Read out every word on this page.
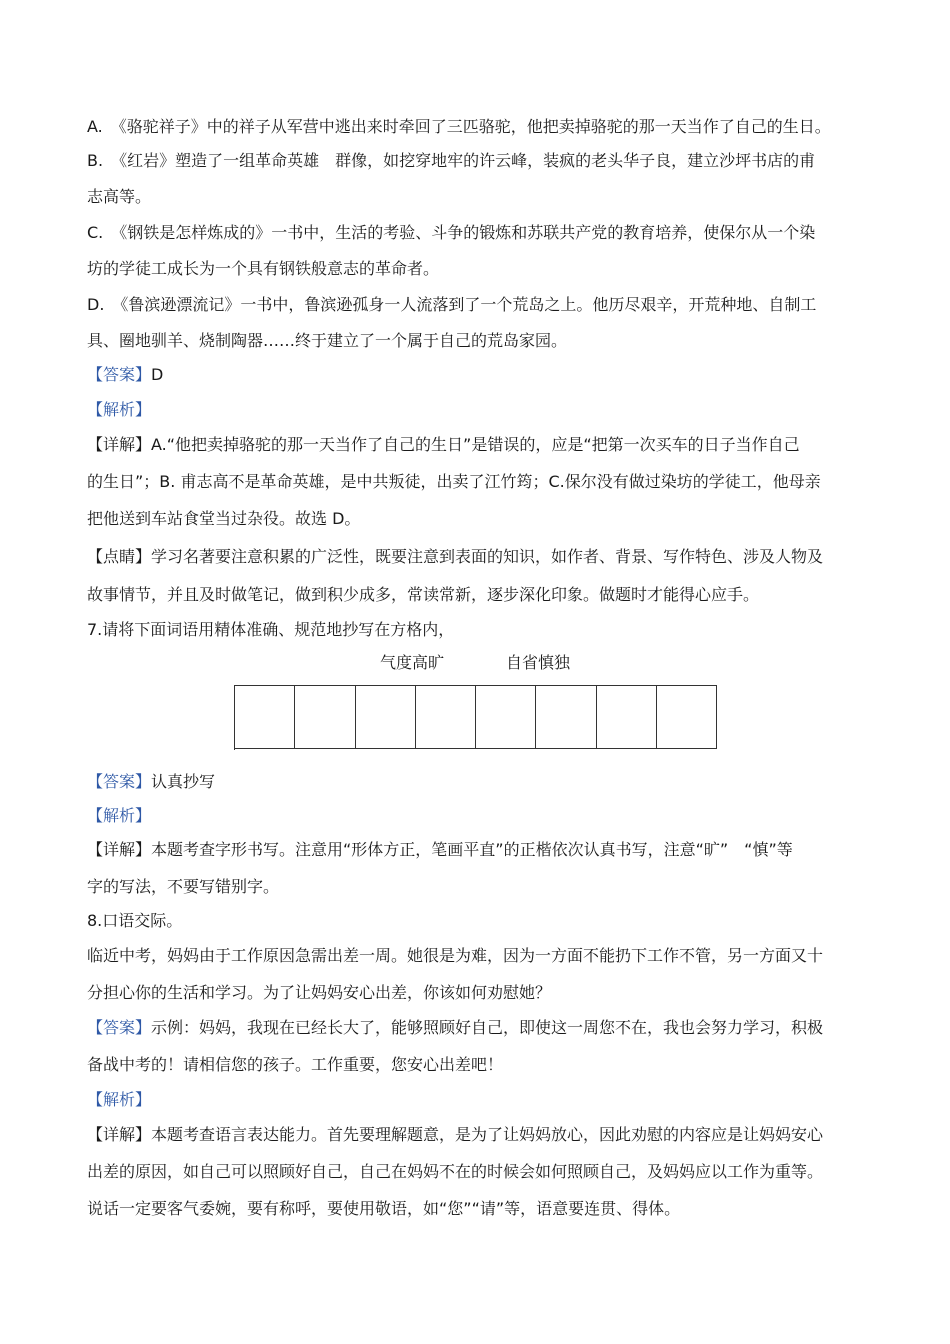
A.　《骆驼祥子》中的祥子从军营中逃出来时牵回了三匹骆驼，他把卖掉骆驼的那一天当作了自己的生日。
B.　《红岩》塑造了一组革命英雄　群像，如挖穿地牢的许云峰，装疯的老头华子良，建立沙坪书店的甫
志高等。
C.　《钢铁是怎样炼成的》一书中，生活的考验、斗争的锻炼和苏联共产党的教育培养，使保尔从一个染
坊的学徒工成长为一个具有钢铁般意志的革命者。
D.　《鲁滨逊漂流记》一书中，鲁滨逊孤身一人流落到了一个荒岛之上。他历尽艰辛，开荒种地、自制工
具、圈地驯羊、烧制陶器……终于建立了一个属于自己的荒岛家园。
【答案】D
【解析】
【详解】A.“他把卖掉骆驼的那一天当作了自己的生日”是错误的，应是“把第一次买车的日子当作自己
的生日”；B. 甫志高不是革命英雄，是中共叛徒，出卖了江竹筠；C.保尔没有做过染坊的学徒工，他母亲
把他送到车站食堂当过杂役。故选 D。
【点睛】学习名著要注意积累的广泛性，既要注意到表面的知识，如作者、背景、写作特色、涉及人物及
故事情节，并且及时做笔记，做到积少成多，常读常新，逐步深化印象。做题时才能得心应手。
7.请将下面词语用精体准确、规范地抄写在方格内，
气度高旷	自省慎独
【答案】认真抄写
【解析】
【详解】本题考查字形书写。注意用“形体方正，笔画平直”的正楷依次认真书写，注意“旷”　“慎”等
字的写法，不要写错别字。
8.口语交际。
临近中考，妈妈由于工作原因急需出差一周。她很是为难，因为一方面不能扔下工作不管，另一方面又十
分担心你的生活和学习。为了让妈妈安心出差，你该如何劝慰她？
【答案】示例：妈妈，我现在已经长大了，能够照顾好自己，即使这一周您不在，我也会努力学习，积极
备战中考的！请相信您的孩子。工作重要，您安心出差吧！
【解析】
【详解】本题考查语言表达能力。首先要理解题意，是为了让妈妈放心，因此劝慰的内容应是让妈妈安心
出差的原因，如自己可以照顾好自己，自己在妈妈不在的时候会如何照顾自己，及妈妈应以工作为重等。
说话一定要客气委婉，要有称呼，要使用敬语，如“您”“请”等，语意要连贯、得体。
